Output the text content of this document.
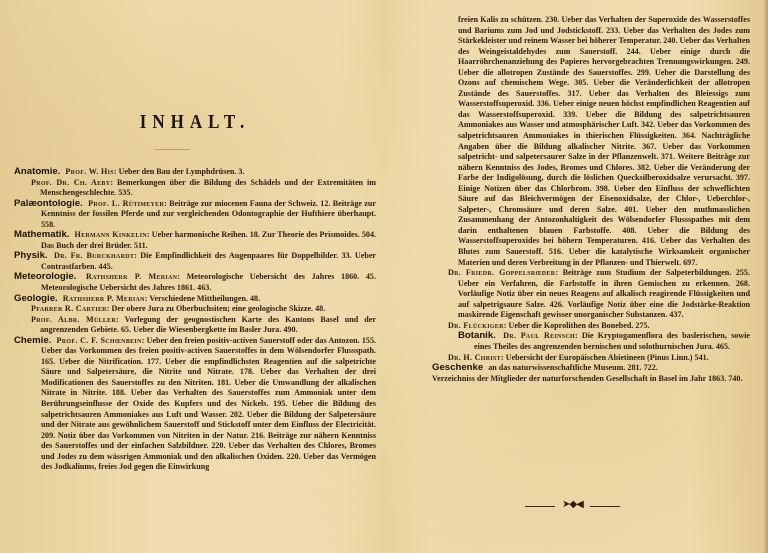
INHALT.

Anatomie. Prof. W. His: Ueber den Bau der Lymphdrüsen. 3.

Prof. Dr. Ch. Aeby: Bemerkungen über die Bildung des Schädels und der Extremitäten im Menschengeschlechte. 535.

Palæontologie. Prof. L. Rütimeyer: Beiträge zur miocenen Fauna der Schweiz. 12. Beiträge zur Kenntniss der fossilen Pferde und zur vergleichenden Odontographie der Hufthiere überhaupt. 558.

Mathematik. Hermann Kinkelin: Ueber harmonische Reihen. 18. Zur Theorie des Prismoides. 504. Das Buch der drei Brüder. 511.

Physik. Dr. Fr. Burckhardt: Die Empfindlichkeit des Augenpaares für Doppelbilder. 33. Ueber Contrastfarben. 445.

Meteorologie. Rathsherr P. Merian: Meteorologische Uebersicht des Jahres 1860. 45. Meteorologische Uebersicht des Jahres 1861. 463.

Geologie. Rathsherr P. Merian: Verschiedene Mittheilungen. 48.

Pfarrer R. Cartier: Der obere Jura zu Oberbuchsiten; eine geologische Skizze. 48.

Prof. Albr. Müller: Vorlegung der geognostischen Karte des Kantons Basel und der angrenzenden Gebiete. 65. Ueber die Wiesenbergkette im Basler Jura. 490.

Chemie. Prof. C. F. Schœnbein: Ueber den freien positiv-activen Sauerstoff oder das Antozon. 155. Ueber das Vorkommen des freien positiv-activen Sauerstoffes in dem Wölsendorfer Flussspath. 165. Ueber die Nitrification. 177. Ueber die empfindlichsten Reagentien auf die salpetrichte Säure und Salpetersäure, die Nitrite und Nitrate. 178. Ueber das Verhalten der drei Modificationen des Sauerstoffes zu den Nitriten. 181. Ueber die Umwandlung der alkalischen Nitrate in Nitrite. 188. Ueber das Verhalten des Sauerstoffes zum Ammoniak unter dem Berührungseinflusse der Oxide des Kupfers und des Nickels. 195. Ueber die Bildung des salpetrichtsauren Ammoniakes aus Luft und Wasser. 202. Ueber die Bildung der Salpetersäure und der Nitrate aus gewöhnlichem Sauerstoff und Stickstoff unter dem Einfluss der Electricität. 209. Notiz über das Vorkommen von Nitriten in der Natur. 216. Beiträge zur nähern Kenntniss des Sauerstoffes und der einfachen Salzbildner. 220. Ueber das Verhalten des Chlores, Bromes und Jodes zu dem wässrigen Ammoniak und den alkalischen Oxiden. 220. Ueber das Vermögen des Jodkaliums, freies Jod gegen die Einwirkung

freien Kalis zu schützen. 230. Ueber das Verhalten der Superoxide des Wasserstoffes und Bariums zum Jod und Jodstickstoff. 233. Ueber das Verhalten des Jodes zum Stärkekleister und reinem Wasser bei höherer Temperatur. 240. Ueber das Verhalten des Weingeistaldehydes zum Sauerstoff. 244. Ueber einige durch die Haarröhrchenanziehung des Papieres hervorgebrachten Trennungswirkungen. 249. Ueber die allotropen Zustände des Sauerstoffes. 299. Ueber die Darstellung des Ozons auf chemischem Wege. 305. Ueber die Veränderlichkeit der allotropen Zustände des Sauerstoffes. 317. Ueber das Verhalten des Bleiessigs zum Wasserstoffsuperoxid. 336. Ueber einige neuen höchst empfindlichen Reagentien auf das Wasserstoffsuperoxid. 339. Ueber die Bildung des salpetrichtsauren Ammoniakes aus Wasser und atmosphärischer Luft. 342. Ueber das Vorkommen des salpetrichtsauren Ammoniakes in thierischen Flüssigkeiten. 364. Nachträgliche Angaben über die Bildung alkalischer Nitrite. 367. Ueber das Vorkommen salpetricht- und salpetersaurer Salze in der Pflanzenwelt. 371. Weitere Beiträge zur nähern Kenntniss des Jodes, Bromes und Chlores. 382. Ueber die Veränderung der Farbe der Indigolösung, durch die löslichen Quecksilberoxidsalze verursacht. 397. Einige Notizen über das Chlorbrom. 398. Ueber den Einfluss der schweflichten Säure auf das Bleichvermögen der Eisenoxidsalze, der Chlor-, Ueberchlor-, Salpeter-, Chromsäure und deren Salze. 401. Ueber den muthmasslichen Zusammenhang der Antozonhaltigkeit des Wölsendorfer Flussspathes mit dem darin enthaltenen blauen Farbstoffe. 408. Ueber die Bildung des Wasserstoffsuperoxides bei höhern Temperaturen. 416. Ueber das Verhalten des Blutes zum Sauerstoff. 516. Ueber die katalytische Wirksamkeit organischer Materien und deren Verbreitung in der Pflanzen- und Thierwelt. 697.

Dr. Friedr. Goppelsrœder: Beiträge zum Studium der Salpeterbildungen. 255. Ueber ein Verfahren, die Farbstoffe in ihren Gemischen zu erkennen. 268. Vorläufige Notiz über ein neues Reagens auf alkalisch reagirende Flüssigkeiten und auf salpetrigsaure Salze. 426. Vorläufige Notiz über eine die Jodstärke-Reaktion maskirende Eigenschaft gewisser unorganischer Substanzen. 437.

Dr. Flückiger: Ueber die Koprolithen des Bonebed. 275.

Botanik. Dr. Paul Reinsch: Die Kryptogamenflora des baslerischen, sowie eines Theiles des angrenzenden bernischen und solothurnischen Jura. 465.

Dr. H. Christ: Uebersicht der Europäischen Abietineen (Pinus Linn.) 541.

Geschenke an das naturwissenschaftliche Museum. 281. 722.

Verzeichniss der Mitglieder der naturforschenden Gesellschaft in Basel im Jahr 1863. 740.

➤◆◀
